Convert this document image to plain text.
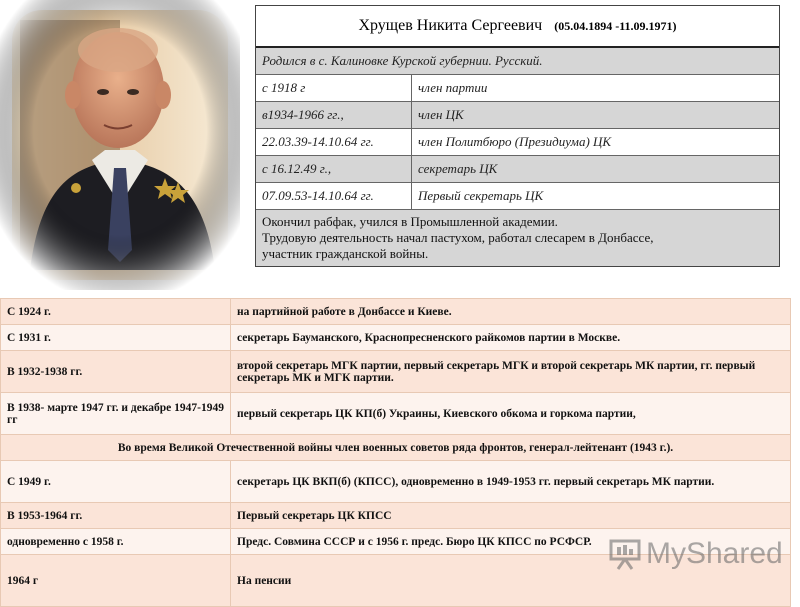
Хрущев Никита Сергеевич (05.04.1894 -11.09.1971)
Родился в с. Калиновке Курской губернии. Русский.
с 1918 г	член партии
в1934-1966 гг.,	член ЦК
22.03.39-14.10.64 гг.	член Политбюро (Президиума) ЦК
с 16.12.49 г.,	секретарь ЦК
07.09.53-14.10.64 гг.	Первый секретарь ЦК
Окончил рабфак, учился в Промышленной академии.
Трудовую деятельность начал пастухом, работал слесарем в Донбассе,
участник гражданской войны.
С 1924 г.	на партийной работе в Донбассе и Киеве.
С 1931 г.	секретарь Бауманского, Краснопресненского райкомов партии в Москве.
В 1932-1938 гг.	второй секретарь МГК партии, первый секретарь МГК и второй секретарь МК партии, гг. первый секретарь МК и МГК партии.
В 1938- марте 1947 гг. и декабре 1947-1949 гг	первый секретарь ЦК КП(б) Украины, Киевского обкома и горкома партии,
Во время Великой Отечественной войны член военных советов ряда фронтов, генерал-лейтенант (1943 г.).	
С 1949 г.	секретарь ЦК ВКП(б) (КПСС), одновременно в 1949-1953 гг. первый секретарь МК партии.
В 1953-1964 гг.	Первый секретарь ЦК КПСС
одновременно с 1958 г.	Предс. Совмина СССР и с 1956 г. предс. Бюро ЦК КПСС по РСФСР.
1964 г	На пенсии
MyShared
